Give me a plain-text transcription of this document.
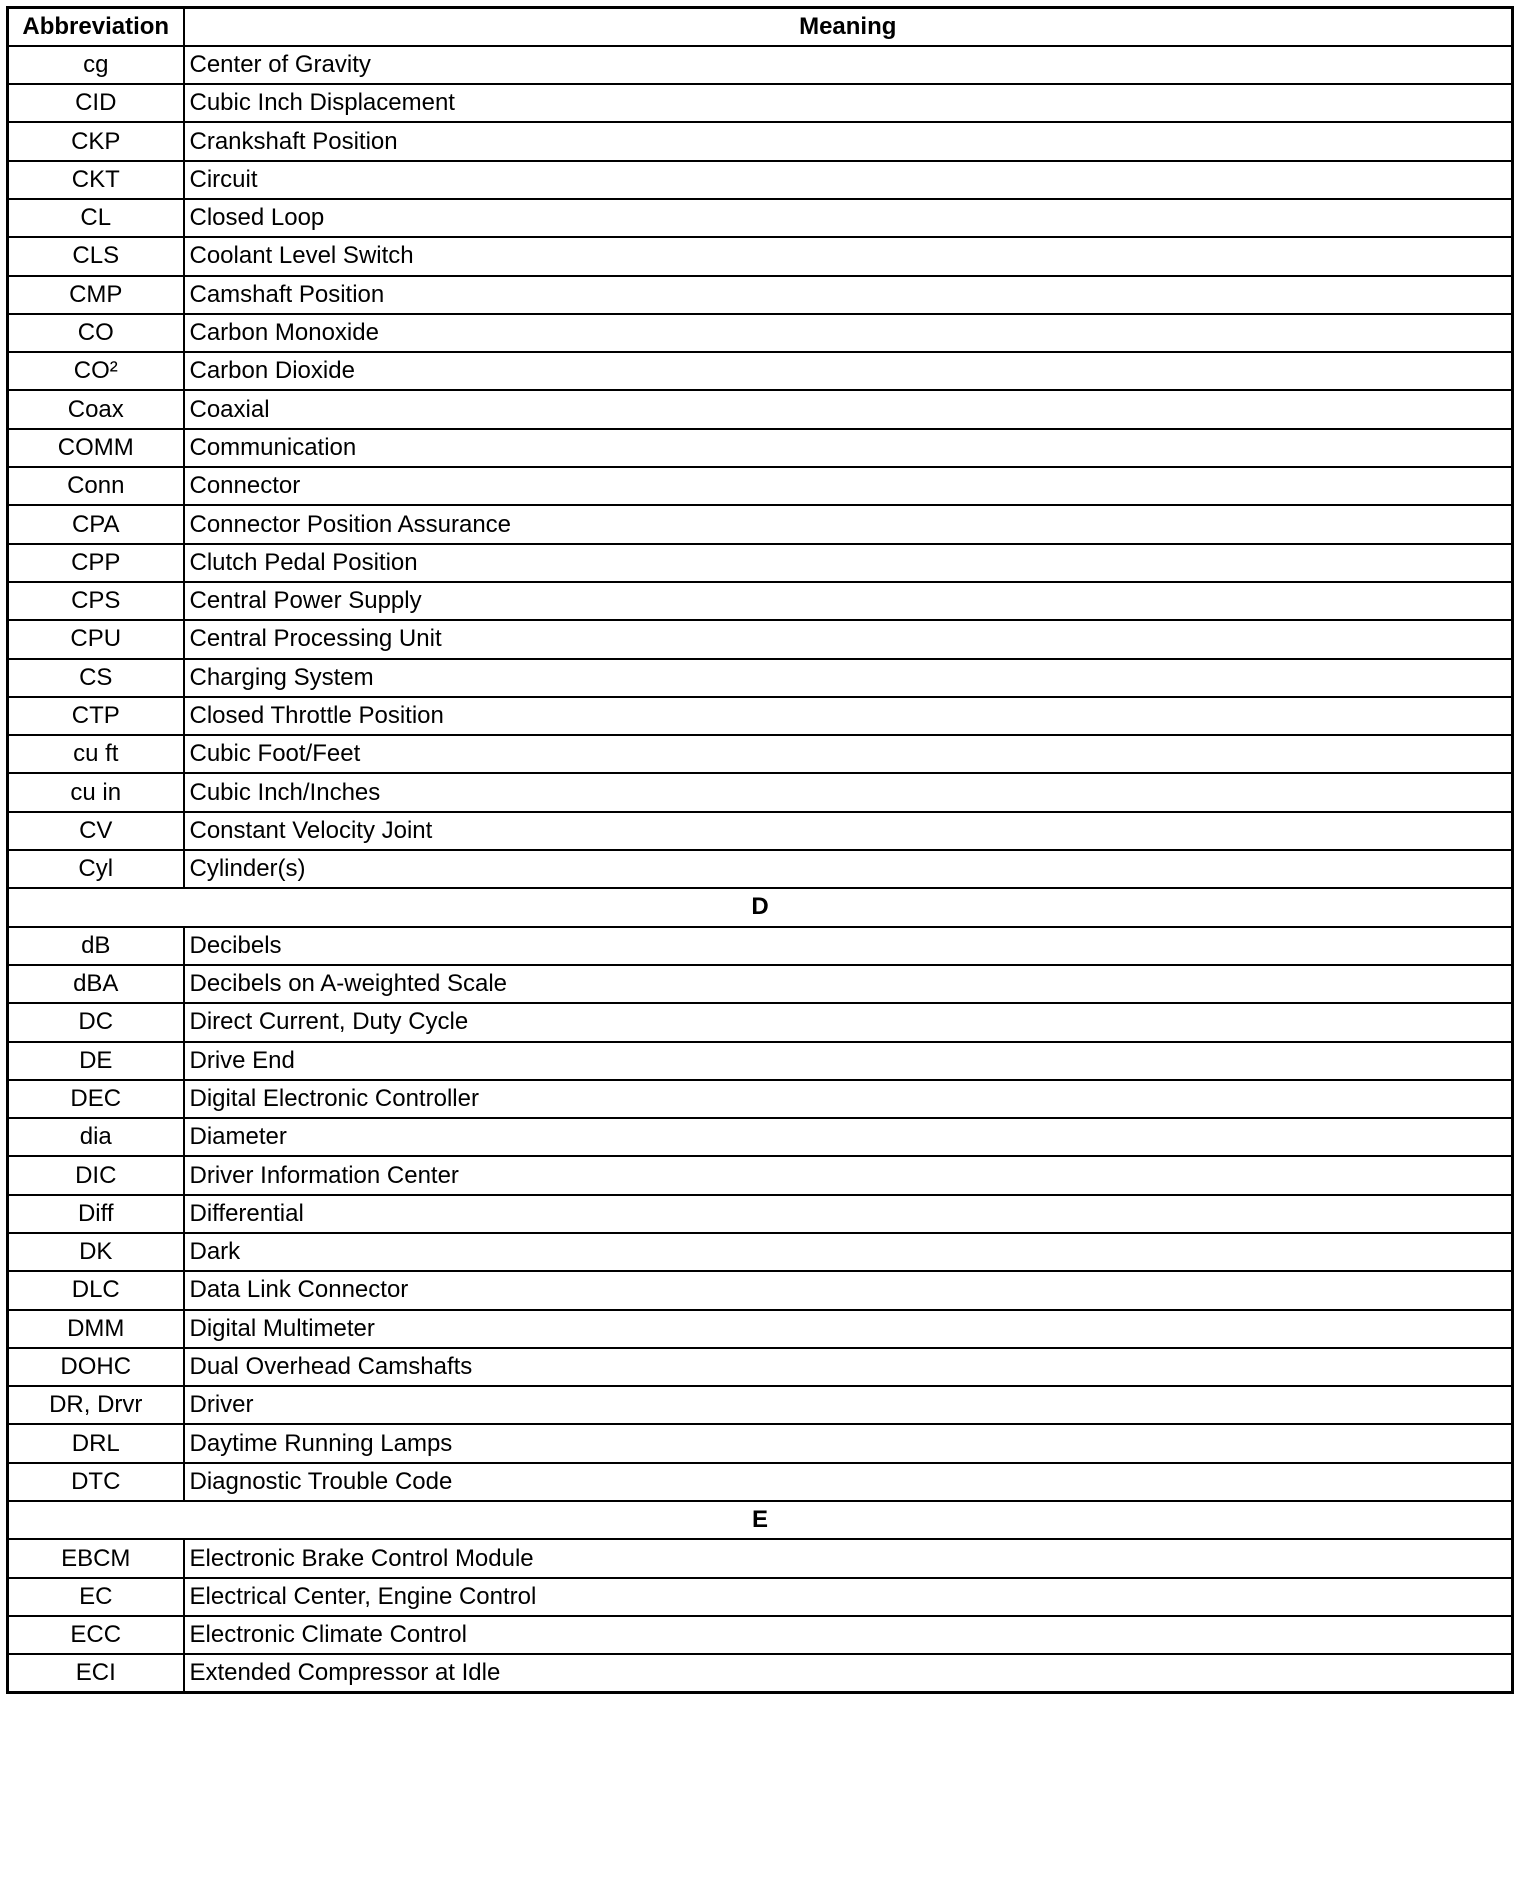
Abbreviation	Meaning
cg	Center of Gravity
CID	Cubic Inch Displacement
CKP	Crankshaft Position
CKT	Circuit
CL	Closed Loop
CLS	Coolant Level Switch
CMP	Camshaft Position
CO	Carbon Monoxide
CO²	Carbon Dioxide
Coax	Coaxial
COMM	Communication
Conn	Connector
CPA	Connector Position Assurance
CPP	Clutch Pedal Position
CPS	Central Power Supply
CPU	Central Processing Unit
CS	Charging System
CTP	Closed Throttle Position
cu ft	Cubic Foot/Feet
cu in	Cubic Inch/Inches
CV	Constant Velocity Joint
Cyl	Cylinder(s)
D	
dB	Decibels
dBA	Decibels on A-weighted Scale
DC	Direct Current, Duty Cycle
DE	Drive End
DEC	Digital Electronic Controller
dia	Diameter
DIC	Driver Information Center
Diff	Differential
DK	Dark
DLC	Data Link Connector
DMM	Digital Multimeter
DOHC	Dual Overhead Camshafts
DR, Drvr	Driver
DRL	Daytime Running Lamps
DTC	Diagnostic Trouble Code
E	
EBCM	Electronic Brake Control Module
EC	Electrical Center, Engine Control
ECC	Electronic Climate Control
ECI	Extended Compressor at Idle
